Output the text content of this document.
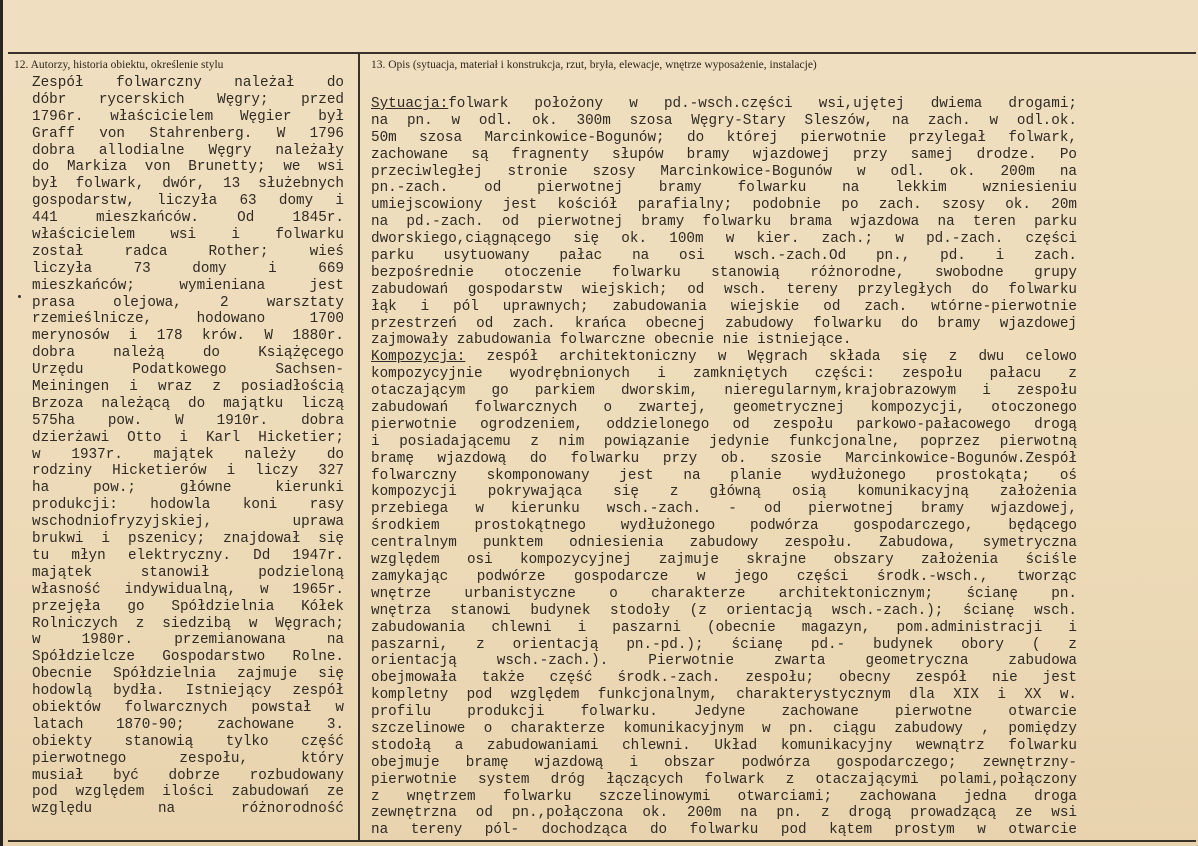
12. Autorzy, historia obiektu, określenie stylu	13. Opis (sytuacja, materiał i konstrukcja, rzut, bryła, elewacje, wnętrze wyposażenie, instalacje)
Zespół folwarczny należał do
dóbr rycerskich Węgry; przed
1796r. właścicielem Węgier był
Graff von Stahrenberg. W 1796
dobra allodialne Węgry należały
do Markiza von Brunetty; we wsi
był folwark, dwór, 13 służebnych
gospodarstw, liczyła 63 domy i
441 mieszkańców. Od 1845r.
właścicielem wsi i folwarku
został radca Rother; wieś
liczyła 73 domy i 669
mieszkańców; wymieniana jest
prasa olejowa, 2 warsztaty
rzemieślnicze, hodowano 1700
merynosów i 178 krów. W 1880r.
dobra należą do Książęcego
Urzędu Podatkowego Sachsen-
Meiningen i wraz z posiadłością
Brzoza należącą do majątku liczą
575ha pow. W 1910r. dobra
dzierżawi Otto i Karl Hicketier;
w 1937r. majątek należy do
rodziny Hicketierów i liczy 327
ha pow.; główne kierunki
produkcji: hodowla koni rasy
wschodniofryzyjskiej, uprawa
brukwi i pszenicy; znajdował się
tu młyn elektryczny. Dd 1947r.
majątek stanowił podzieloną
własność indywidualną, w 1965r.
przejęła go Spółdzielnia Kółek
Rolniczych z siedzibą w Węgrach;
w 1980r. przemianowana na
Spółdzielcze Gospodarstwo Rolne.
Obecnie Spółdzielnia zajmuje się
hodowlą bydła. Istniejący zespół
obiektów folwarcznych powstał w
latach 1870-90; zachowane 3.
obiekty stanowią tylko część
pierwotnego zespołu, który
musiał być dobrze rozbudowany
pod względem ilości zabudowań ze
względu na różnorodność
Sytuacja:folwark położony w pd.-wsch.części wsi,ujętej dwiema drogami;
na pn. w odl. ok. 300m szosa Węgry-Stary Śleszów, na zach. w odl.ok.
50m szosa Marcinkowice-Bogunów; do której pierwotnie przylegał folwark,
zachowane są fragnenty słupów bramy wjazdowej przy samej drodze. Po
przeciwległej stronie szosy Marcinkowice-Bogunów w odl. ok. 200m na
pn.-zach. od pierwotnej bramy folwarku na lekkim wzniesieniu
umiejscowiony jest kościół parafialny; podobnie po zach. szosy ok. 20m
na pd.-zach. od pierwotnej bramy folwarku brama wjazdowa na teren parku
dworskiego,ciągnącego się ok. 100m w kier. zach.; w pd.-zach. części
parku usytuowany pałac na osi wsch.-zach.Od pn., pd. i zach.
bezpośrednie otoczenie folwarku stanowią różnorodne, swobodne grupy
zabudowań gospodarstw wiejskich; od wsch. tereny przyległych do folwarku
łąk i pól uprawnych; zabudowania wiejskie od zach. wtórne-pierwotnie
przestrzeń od zach. krańca obecnej zabudowy folwarku do bramy wjazdowej
zajmowały zabudowania folwarczne obecnie nie istniejące.
Kompozycja: zespół architektoniczny w Węgrach składa się z dwu celowo
kompozycyjnie wyodrębnionych i zamkniętych części: zespołu pałacu z
otaczającym go parkiem dworskim, nieregularnym,krajobrazowym i zespołu
zabudowań folwarcznych o zwartej, geometrycznej kompozycji, otoczonego
pierwotnie ogrodzeniem, oddzielonego od zespołu parkowo-pałacowego drogą
i posiadającemu z nim powiązanie jedynie funkcjonalne, poprzez pierwotną
bramę wjazdową do folwarku przy ob. szosie Marcinkowice-Bogunów.Zespół
folwarczny skomponowany jest na planie wydłużonego prostokąta; oś
kompozycji pokrywająca się z główną osią komunikacyjną założenia
przebiega w kierunku wsch.-zach. - od pierwotnej bramy wjazdowej,
środkiem prostokątnego wydłużonego podwórza gospodarczego, będącego
centralnym punktem odniesienia zabudowy zespołu. Zabudowa, symetryczna
względem osi kompozycyjnej zajmuje skrajne obszary założenia ściśle
zamykając podwórze gospodarcze w jego części środk.-wsch., tworząc
wnętrze urbanistyczne o charakterze architektonicznym; ścianę pn.
wnętrza stanowi budynek stodoły (z orientacją wsch.-zach.); ścianę wsch.
zabudowania chlewni i paszarni (obecnie magazyn, pom.administracji i
paszarni, z orientacją pn.-pd.); ścianę pd.- budynek obory ( z
orientacją wsch.-zach.). Pierwotnie zwarta geometryczna zabudowa
obejmowała także część środk.-zach. zespołu; obecny zespół nie jest
kompletny pod względem funkcjonalnym, charakterystycznym dla XIX i XX w.
profilu produkcji folwarku. Jedyne zachowane pierwotne otwarcie
szczelinowe o charakterze komunikacyjnym w pn. ciągu zabudowy , pomiędzy
stodołą a zabudowaniami chlewni. Układ komunikacyjny wewnątrz folwarku
obejmuje bramę wjazdową i obszar podwórza gospodarczego; zewnętrzny-
pierwotnie system dróg łączących folwark z otaczającymi polami,połączony
z wnętrzem folwarku szczelinowymi otwarciami; zachowana jedna droga
zewnętrzna od pn.,połączona ok. 200m na pn. z drogą prowadzącą ze wsi
na tereny pól- dochodząca do folwarku pod kątem prostym w otwarcie
